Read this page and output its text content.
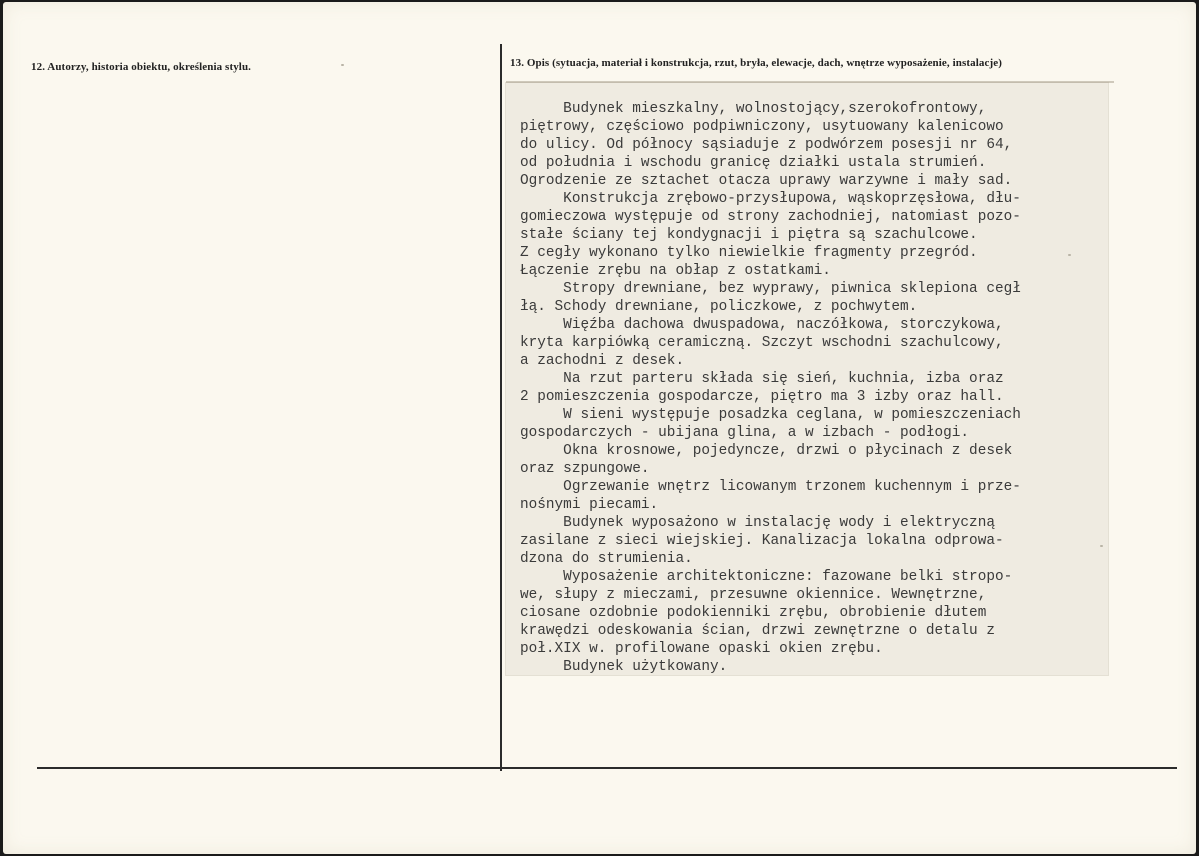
12. Autorzy, historia obiektu, określenia stylu.	13. Opis (sytuacja, materiał i konstrukcja, rzut, bryła, elewacje, dach, wnętrze wyposażenie, instalacje)
Budynek mieszkalny, wolnostojący,szerokofrontowy,
piętrowy, częściowo podpiwniczony, usytuowany kalenicowo
do ulicy. Od północy sąsiaduje z podwórzem posesji nr 64,
od południa i wschodu granicę działki ustala strumień.
Ogrodzenie ze sztachet otacza uprawy warzywne i mały sad.
Konstrukcja zrębowo-przysłupowa, wąskoprzęsłowa, dłu-
gomieczowa występuje od strony zachodniej, natomiast pozo-
stałe ściany tej kondygnacji i piętra są szachulcowe.
Z cegły wykonano tylko niewielkie fragmenty przegród.
Łączenie zrębu na obłap z ostatkami.
Stropy drewniane, bez wyprawy, piwnica sklepiona cegł
łą. Schody drewniane, policzkowe, z pochwytem.
Więźba dachowa dwuspadowa, naczółkowa, storczykowa,
kryta karpiówką ceramiczną. Szczyt wschodni szachulcowy,
a zachodni z desek.
Na rzut parteru składa się sień, kuchnia, izba oraz
2 pomieszczenia gospodarcze, piętro ma 3 izby oraz hall.
W sieni występuje posadzka ceglana, w pomieszczeniach
gospodarczych - ubijana glina, a w izbach - podłogi.
Okna krosnowe, pojedyncze, drzwi o płycinach z desek
oraz szpungowe.
Ogrzewanie wnętrz licowanym trzonem kuchennym i prze-
nośnymi piecami.
Budynek wyposażono w instalację wody i elektryczną
zasilane z sieci wiejskiej. Kanalizacja lokalna odprowa-
dzona do strumienia.
Wyposażenie architektoniczne: fazowane belki stropo-
we, słupy z mieczami, przesuwne okiennice. Wewnętrzne,
ciosane ozdobnie podokienniki zrębu, obrobienie dłutem
krawędzi odeskowania ścian, drzwi zewnętrzne o detalu z
poł.XIX w. profilowane opaski okien zrębu.
Budynek użytkowany.
